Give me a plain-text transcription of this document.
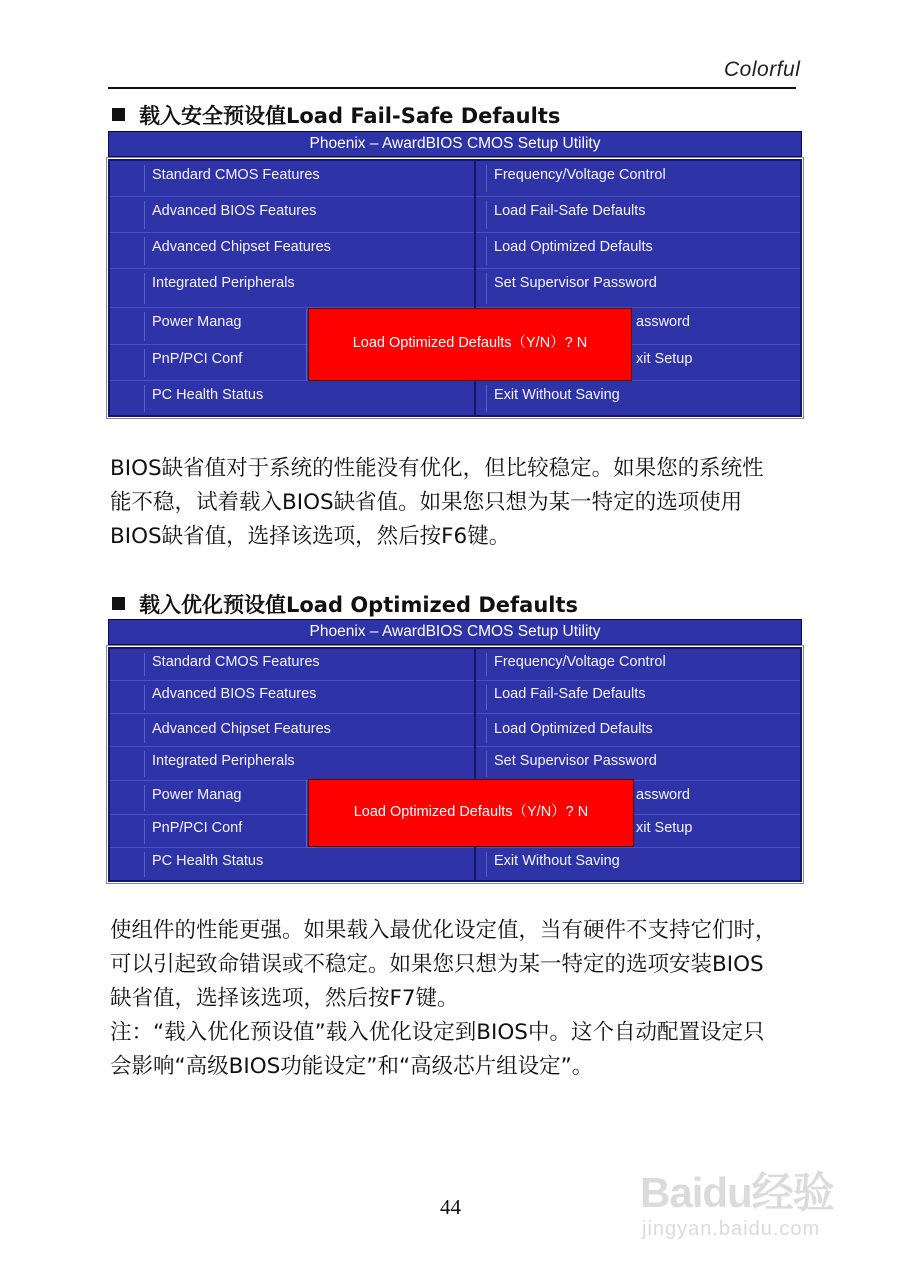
Colorful
载入安全预设值Load Fail-Safe Defaults
Phoenix – AwardBIOS CMOS Setup Utility
Standard CMOS Features
Advanced BIOS Features
Advanced Chipset Features
Integrated Peripherals
Power Manag
PnP/PCI Conf
PC Health Status
Frequency/Voltage Control
Load Fail-Safe Defaults
Load Optimized Defaults
Set Supervisor Password
assword
xit Setup
Exit Without Saving
Load Optimized Defaults（Y/N）? N

BIOS缺省值对于系统的性能没有优化，但比较稳定。如果您的系统性

能不稳，试着载入BIOS缺省值。如果您只想为某一特定的选项使用

BIOS缺省值，选择该选项，然后按F6键。

载入优化预设值Load Optimized Defaults
Phoenix – AwardBIOS CMOS Setup Utility
Standard CMOS Features
Advanced BIOS Features
Advanced Chipset Features
Integrated Peripherals
Power Manag
PnP/PCI Conf
PC Health Status
Frequency/Voltage Control
Load Fail-Safe Defaults
Load Optimized Defaults
Set Supervisor Password
assword
xit Setup
Exit Without Saving
Load Optimized Defaults（Y/N）? N

使组件的性能更强。如果载入最优化设定值，当有硬件不支持它们时，

可以引起致命错误或不稳定。如果您只想为某一特定的选项安装BIOS

缺省值，选择该选项，然后按F7键。

注：“载入优化预设值”载入优化设定到BIOS中。这个自动配置设定只

会影响“高级BIOS功能设定”和“高级芯片组设定”。

44	Baidu经验
jingyan.baidu.com
